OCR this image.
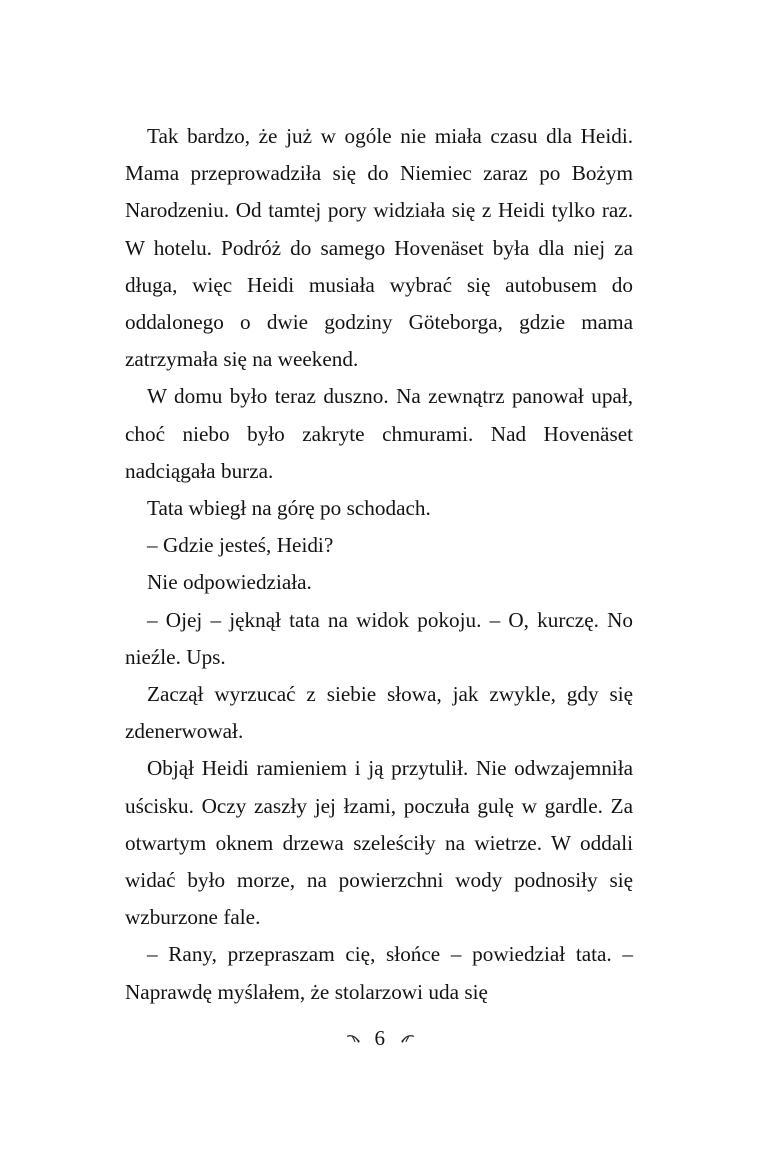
Tak bardzo, że już w ogóle nie miała czasu dla Heidi. Mama przeprowadziła się do Niemiec zaraz po Bożym Narodzeniu. Od tamtej pory widziała się z Heidi tylko raz. W hotelu. Podróż do samego Hovenäset była dla niej za długa, więc Heidi musiała wybrać się autobusem do oddalonego o dwie godziny Göteborga, gdzie mama zatrzymała się na weekend.

W domu było teraz duszno. Na zewnątrz panował upał, choć niebo było zakryte chmurami. Nad Hovenäset nadciągała burza.

Tata wbiegł na górę po schodach.

– Gdzie jesteś, Heidi?

Nie odpowiedziała.

– Ojej – jęknął tata na widok pokoju. – O, kurczę. No nieźle. Ups.

Zaczął wyrzucać z siebie słowa, jak zwykle, gdy się zdenerwował.

Objął Heidi ramieniem i ją przytulił. Nie odwzajemniła uścisku. Oczy zaszły jej łzami, poczuła gulę w gardle. Za otwartym oknem drzewa szeleściły na wietrze. W oddali widać było morze, na powierzchni wody podnosiły się wzburzone fale.

– Rany, przepraszam cię, słońce – powiedział tata. – Naprawdę myślałem, że stolarzowi uda się

6
